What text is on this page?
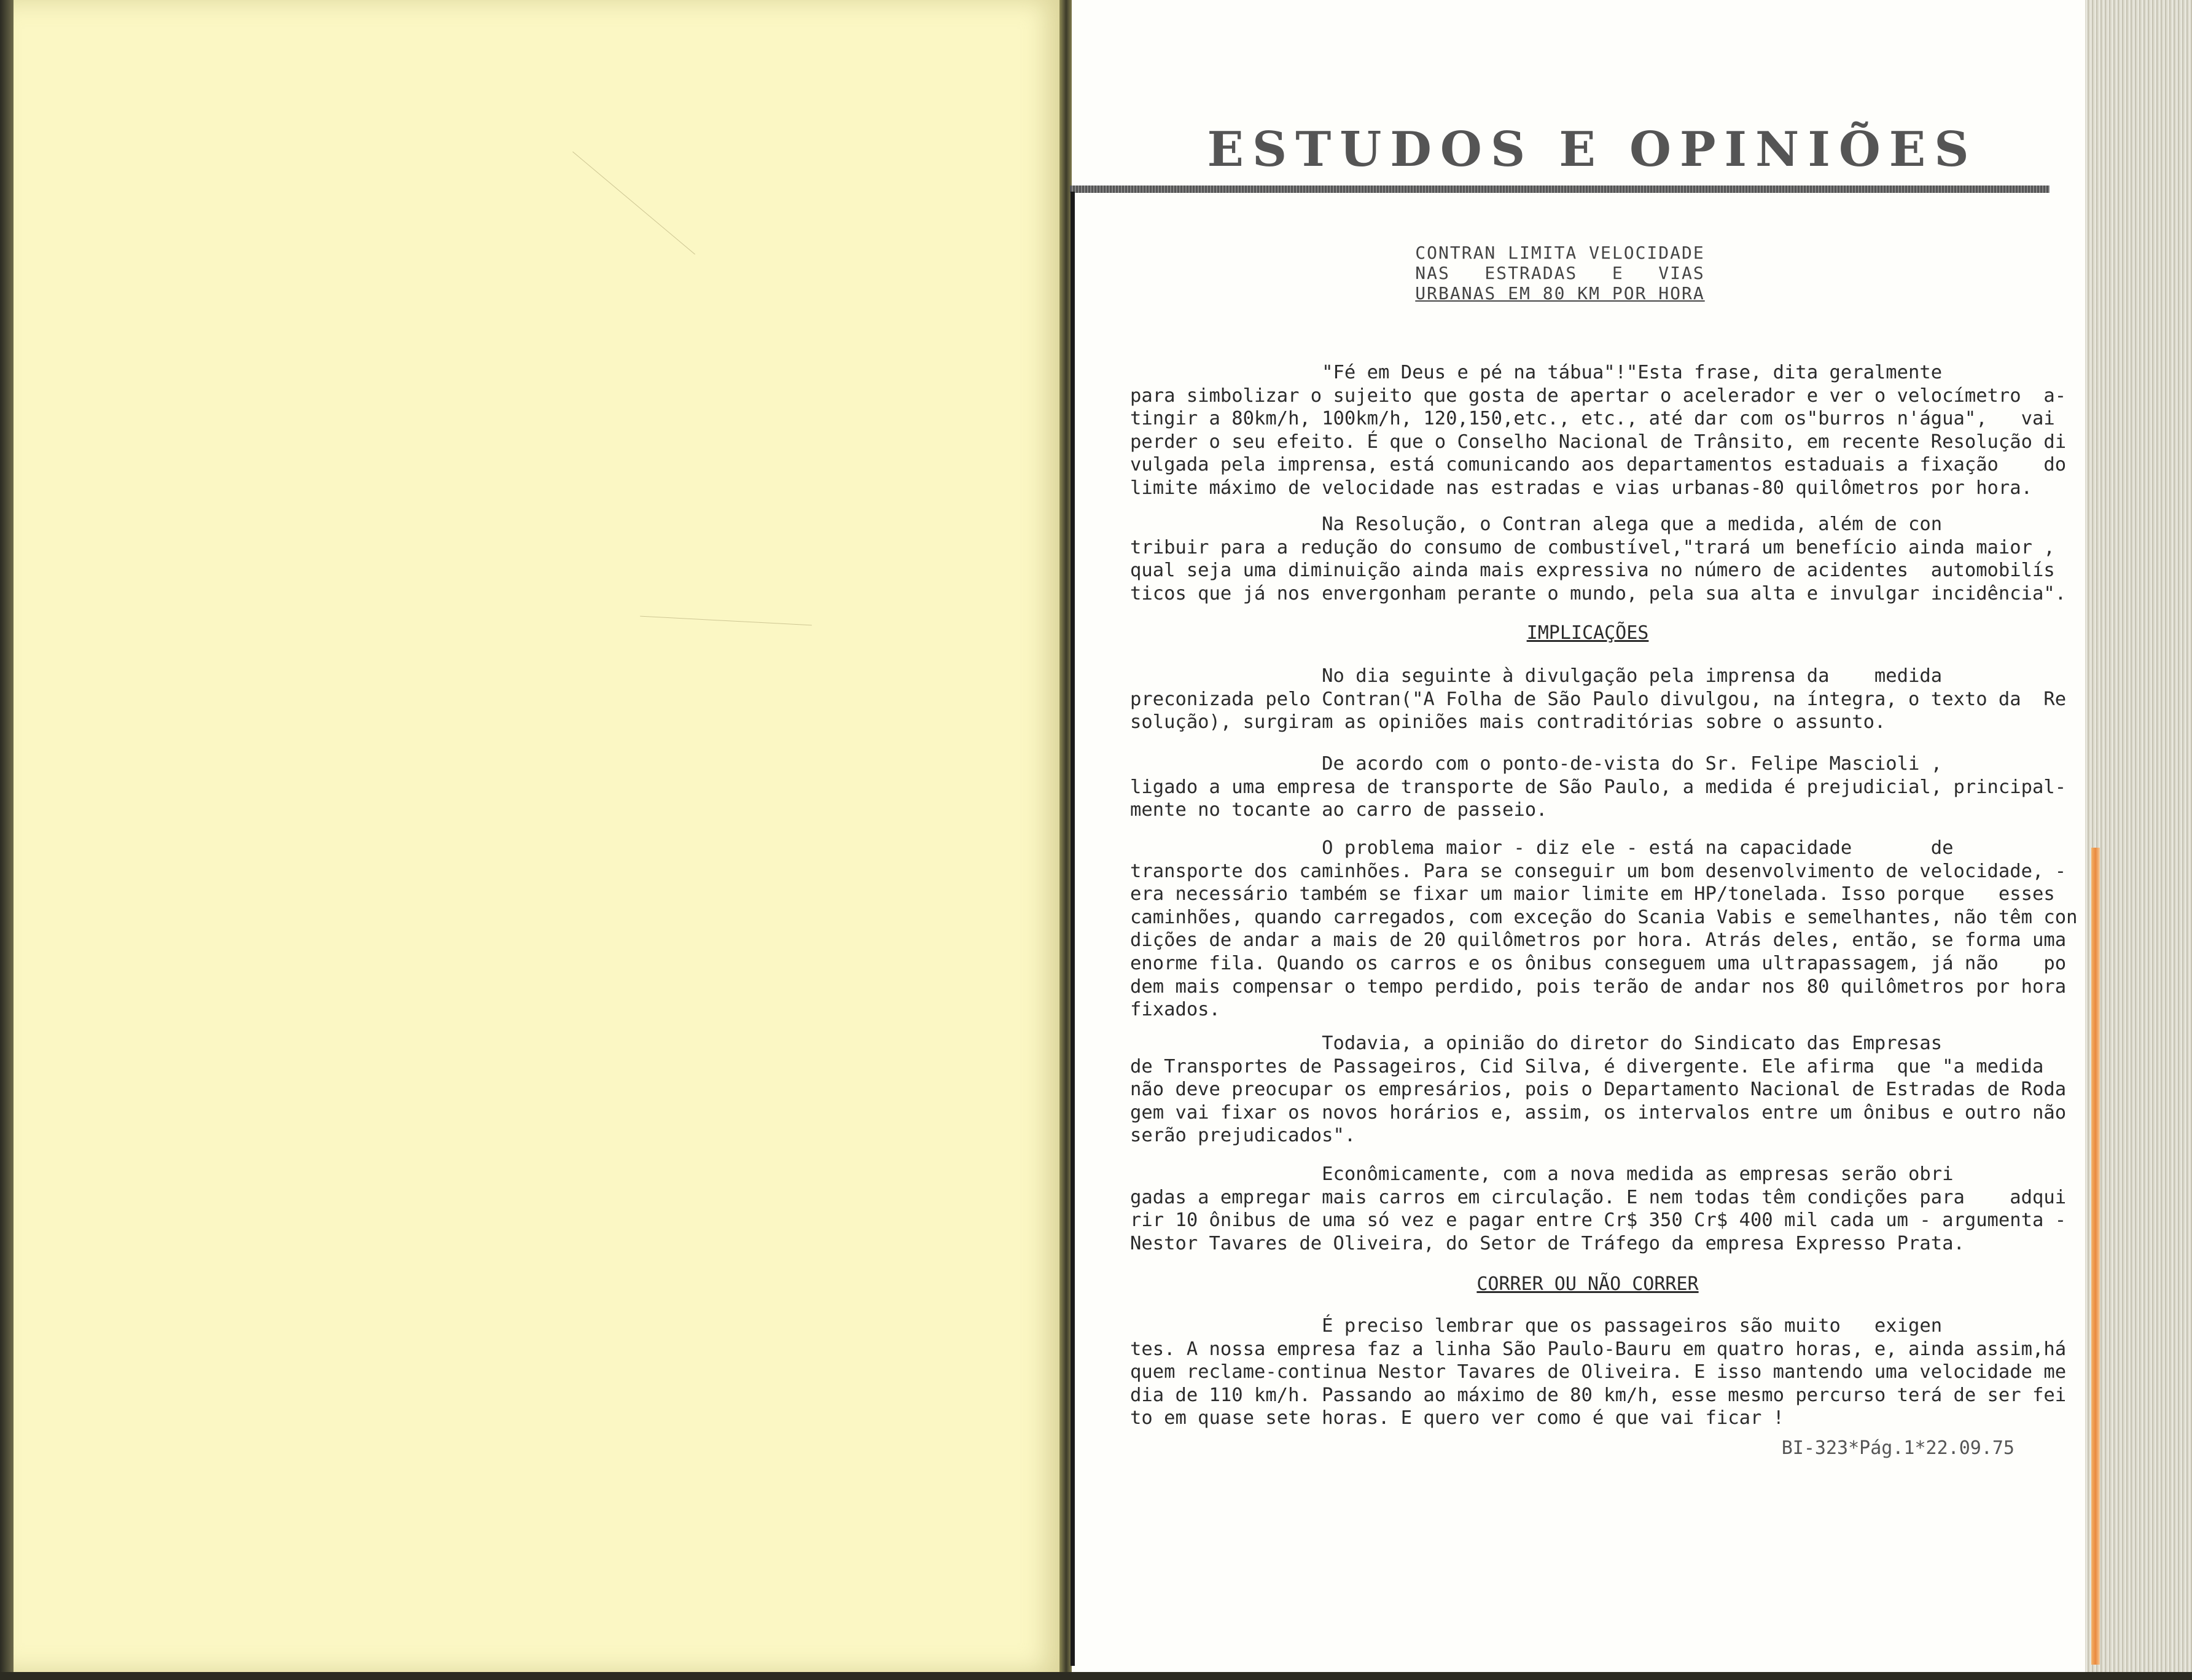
ESTUDOS E OPINIÕES
CONTRAN LIMITA VELOCIDADE
NAS   ESTRADAS   E   VIAS
URBANAS EM 80 KM POR HORA
"Fé em Deus e pé na tábua"!"Esta frase, dita geralmente
para simbolizar o sujeito que gosta de apertar o acelerador e ver o velocímetro  a-
tingir a 80km/h, 100km/h, 120,150,etc., etc., até dar com os"burros n'água",   vai
perder o seu efeito. É que o Conselho Nacional de Trânsito, em recente Resolução di
vulgada pela imprensa, está comunicando aos departamentos estaduais a fixação    do
limite máximo de velocidade nas estradas e vias urbanas-80 quilômetros por hora.
Na Resolução, o Contran alega que a medida, além de con
tribuir para a redução do consumo de combustível,"trará um benefício ainda maior ,
qual seja uma diminuição ainda mais expressiva no número de acidentes  automobilís
ticos que já nos envergonham perante o mundo, pela sua alta e invulgar incidência".
IMPLICAÇÕES
No dia seguinte à divulgação pela imprensa da    medida
preconizada pelo Contran("A Folha de São Paulo divulgou, na íntegra, o texto da  Re
solução), surgiram as opiniões mais contraditórias sobre o assunto.
De acordo com o ponto-de-vista do Sr. Felipe Mascioli ,
ligado a uma empresa de transporte de São Paulo, a medida é prejudicial, principal-
mente no tocante ao carro de passeio.
O problema maior - diz ele - está na capacidade       de
transporte dos caminhões. Para se conseguir um bom desenvolvimento de velocidade, -
era necessário também se fixar um maior limite em HP/tonelada. Isso porque   esses
caminhões, quando carregados, com exceção do Scania Vabis e semelhantes, não têm con
dições de andar a mais de 20 quilômetros por hora. Atrás deles, então, se forma uma
enorme fila. Quando os carros e os ônibus conseguem uma ultrapassagem, já não    po
dem mais compensar o tempo perdido, pois terão de andar nos 80 quilômetros por hora
fixados.
Todavia, a opinião do diretor do Sindicato das Empresas
de Transportes de Passageiros, Cid Silva, é divergente. Ele afirma  que "a medida
não deve preocupar os empresários, pois o Departamento Nacional de Estradas de Roda
gem vai fixar os novos horários e, assim, os intervalos entre um ônibus e outro não
serão prejudicados".
Econômicamente, com a nova medida as empresas serão obri
gadas a empregar mais carros em circulação. E nem todas têm condições para    adqui
rir 10 ônibus de uma só vez e pagar entre Cr$ 350 Cr$ 400 mil cada um - argumenta -
Nestor Tavares de Oliveira, do Setor de Tráfego da empresa Expresso Prata.
CORRER OU NÃO CORRER
É preciso lembrar que os passageiros são muito   exigen
tes. A nossa empresa faz a linha São Paulo-Bauru em quatro horas, e, ainda assim,há
quem reclame-continua Nestor Tavares de Oliveira. E isso mantendo uma velocidade me
dia de 110 km/h. Passando ao máximo de 80 km/h, esse mesmo percurso terá de ser fei
to em quase sete horas. E quero ver como é que vai ficar !
BI-323*Pág.1*22.09.75
